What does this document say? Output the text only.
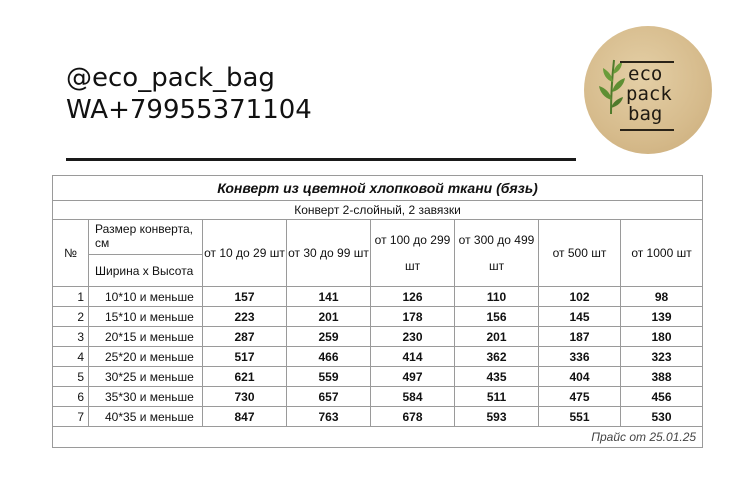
@eco_pack_bag
WA+79955371104
eco
pack
bag
Конверт из цветной хлопковой ткани (бязь)							
Конверт 2-слойный, 2 завязки							
№	Размер конверта, см	от 10 до 29 шт	от 30 до 99 шт	от 100 до 299 шт	от 300 до 499 шт	от 500 шт	от 1000 шт
	Ширина х Высота						
1	10*10 и меньше	157	141	126	110	102	98
2	15*10 и меньше	223	201	178	156	145	139
3	20*15 и меньше	287	259	230	201	187	180
4	25*20 и меньше	517	466	414	362	336	323
5	30*25 и меньше	621	559	497	435	404	388
6	35*30 и меньше	730	657	584	511	475	456
7	40*35 и меньше	847	763	678	593	551	530
Прайс от 25.01.25							
